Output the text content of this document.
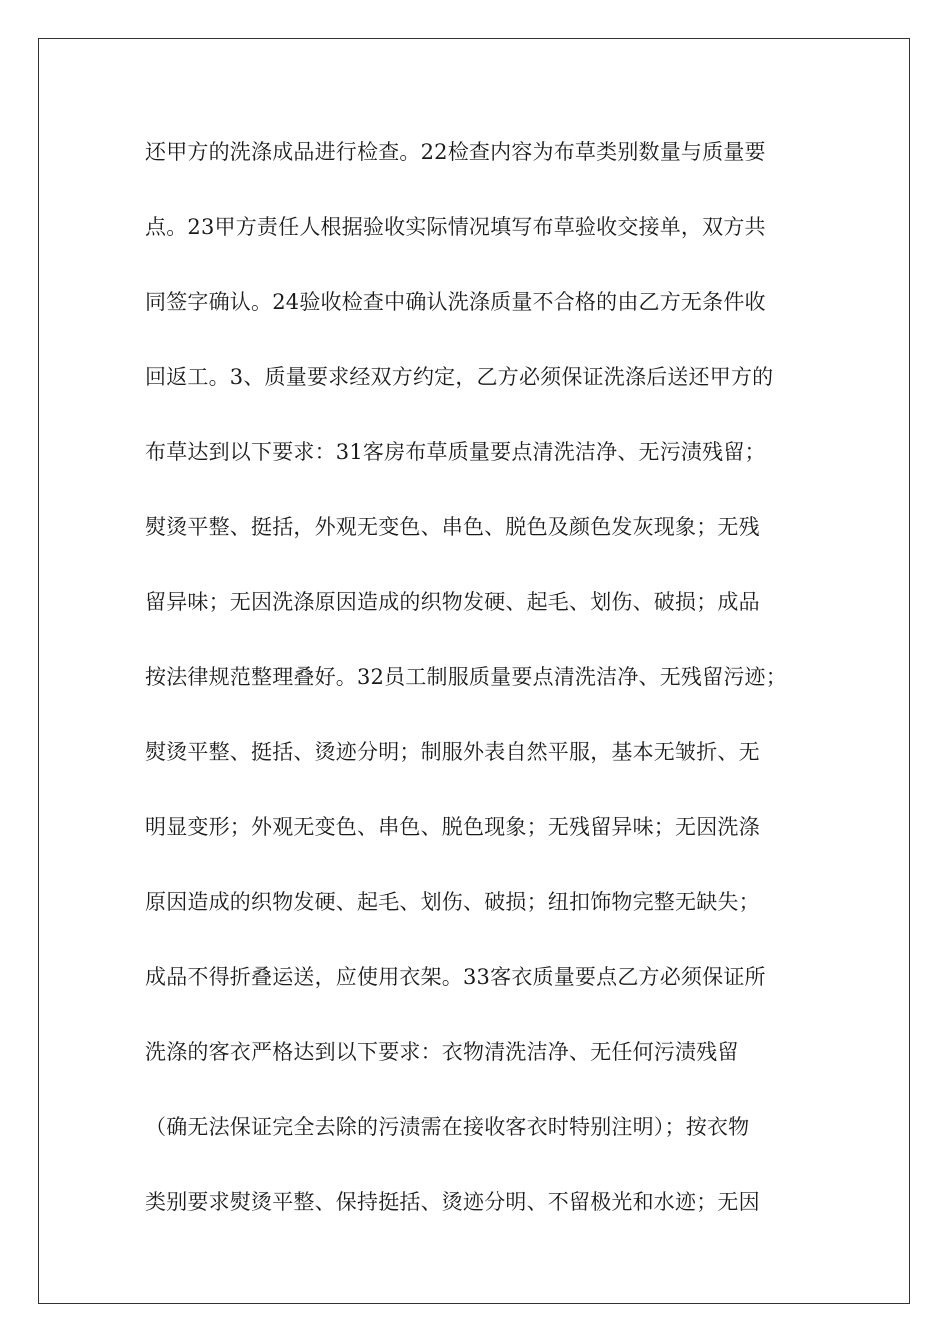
还甲方的洗涤成品进行检查。22检查内容为布草类别数量与质量要
点。23甲方责任人根据验收实际情况填写布草验收交接单，双方共
同签字确认。24验收检查中确认洗涤质量不合格的由乙方无条件收
回返工。3、质量要求经双方约定，乙方必须保证洗涤后送还甲方的
布草达到以下要求：31客房布草质量要点清洗洁净、无污渍残留；
熨烫平整、挺括，外观无变色、串色、脱色及颜色发灰现象；无残
留异味；无因洗涤原因造成的织物发硬、起毛、划伤、破损；成品
按法律规范整理叠好。32员工制服质量要点清洗洁净、无残留污迹；
熨烫平整、挺括、烫迹分明；制服外表自然平服，基本无皱折、无
明显变形；外观无变色、串色、脱色现象；无残留异味；无因洗涤
原因造成的织物发硬、起毛、划伤、破损；纽扣饰物完整无缺失；
成品不得折叠运送，应使用衣架。33客衣质量要点乙方必须保证所
洗涤的客衣严格达到以下要求：衣物清洗洁净、无任何污渍残留
（确无法保证完全去除的污渍需在接收客衣时特别注明）；按衣物
类别要求熨烫平整、保持挺括、烫迹分明、不留极光和水迹；无因
